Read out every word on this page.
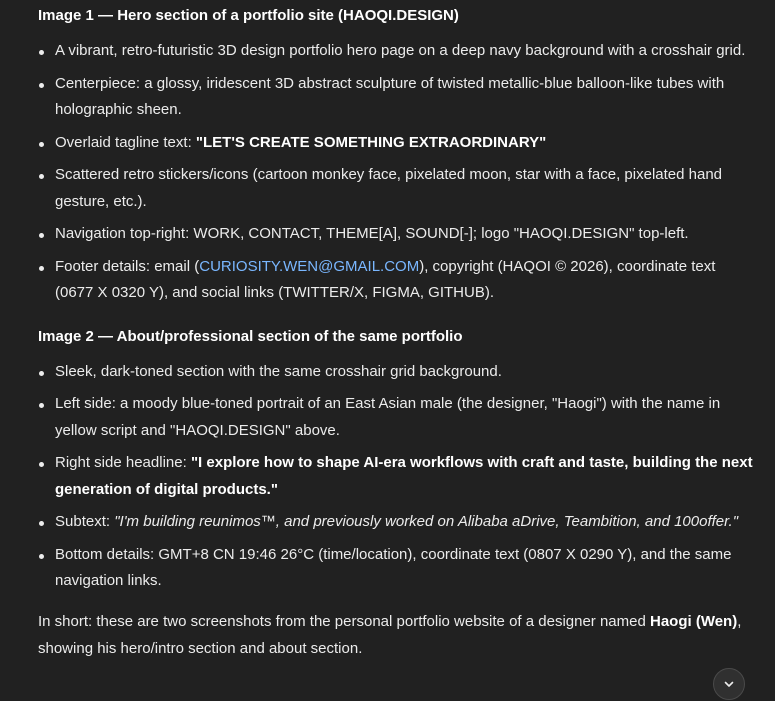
Image 1 — Hero section of a portfolio site (HAOQI.DESIGN)
A vibrant, retro-futuristic 3D design portfolio hero page on a deep navy background with a crosshair grid.
Centerpiece: a glossy, iridescent 3D abstract sculpture of twisted metallic-blue balloon-like tubes with holographic sheen.
Overlaid tagline text: "LET'S CREATE SOMETHING EXTRAORDINARY"
Scattered retro stickers/icons (cartoon monkey face, pixelated moon, star with a face, pixelated hand gesture, etc.).
Navigation top-right: WORK, CONTACT, THEME[A], SOUND[-]; logo "HAOQI.DESIGN" top-left.
Footer details: email (CURIOSITY.WEN@GMAIL.COM), copyright (HAQOI © 2026), coordinate text (0677 X 0320 Y), and social links (TWITTER/X, FIGMA, GITHUB).
Image 2 — About/professional section of the same portfolio
Sleek, dark-toned section with the same crosshair grid background.
Left side: a moody blue-toned portrait of an East Asian male (the designer, "Haogi") with the name in yellow script and "HAOQI.DESIGN" above.
Right side headline: "I explore how to shape AI-era workflows with craft and taste, building the next generation of digital products."
Subtext: "I'm building reunimos™, and previously worked on Alibaba aDrive, Teambition, and 100offer."
Bottom details: GMT+8 CN 19:46 26°C (time/location), coordinate text (0807 X 0290 Y), and the same navigation links.

In short: these are two screenshots from the personal portfolio website of a designer named Haogi (Wen), showing his hero/intro section and about section.
